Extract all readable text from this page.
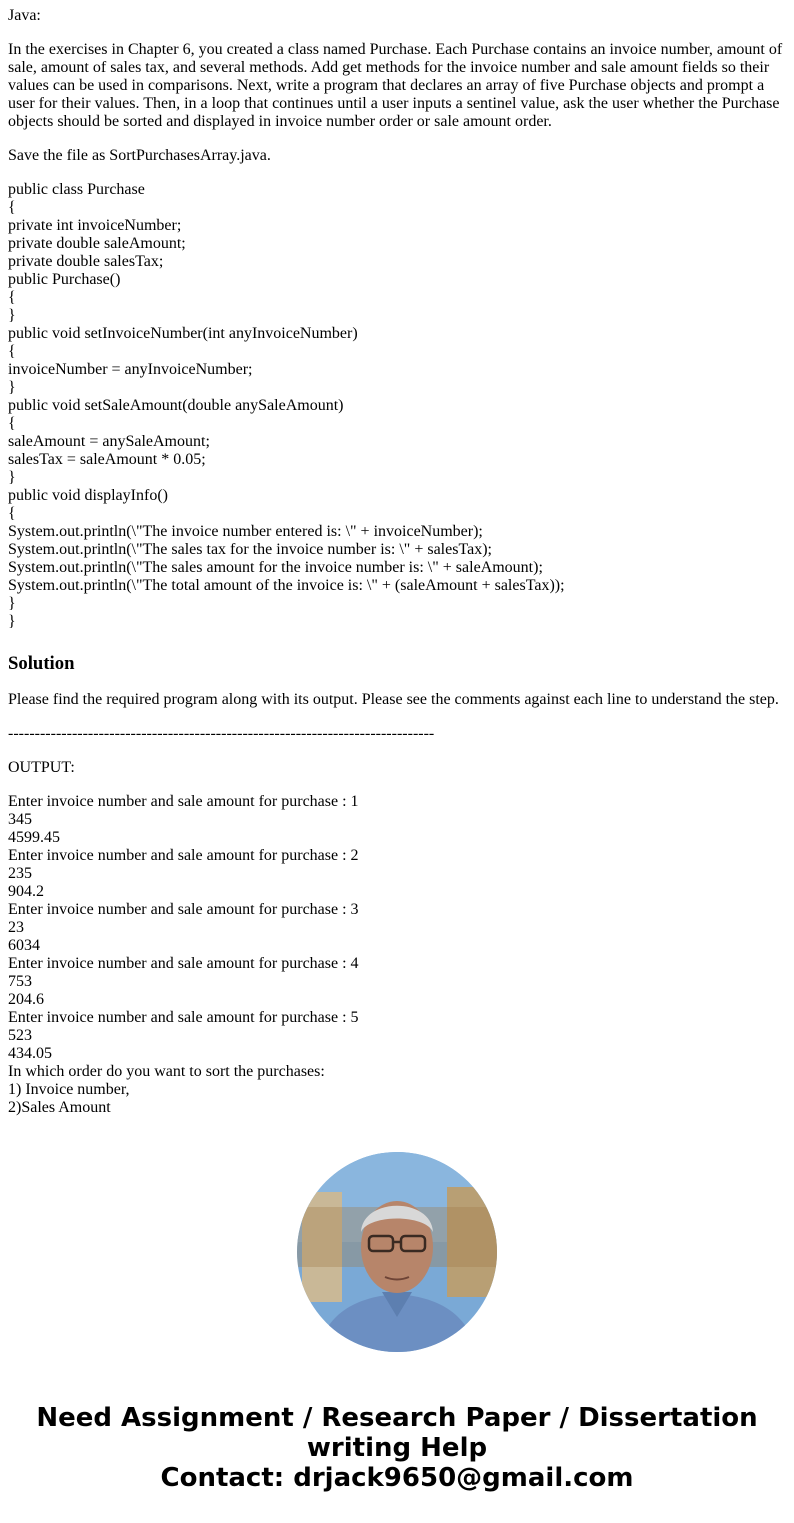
Java:

In the exercises in Chapter 6, you created a class named Purchase. Each Purchase contains an invoice number, amount of sale, amount of sales tax, and several methods. Add get methods for the invoice number and sale amount fields so their values can be used in comparisons. Next, write a program that declares an array of five Purchase objects and prompt a user for their values. Then, in a loop that continues until a user inputs a sentinel value, ask the user whether the Purchase objects should be sorted and displayed in invoice number order or sale amount order.

Save the file as SortPurchasesArray.java.

public class Purchase

{

private int invoiceNumber;

private double saleAmount;

private double salesTax;

public Purchase()

{

}

public void setInvoiceNumber(int anyInvoiceNumber)

{

invoiceNumber = anyInvoiceNumber;

}

public void setSaleAmount(double anySaleAmount)

{

saleAmount = anySaleAmount;

salesTax = saleAmount * 0.05;

}

public void displayInfo()

{

System.out.println(\"The invoice number entered is: \" + invoiceNumber);

System.out.println(\"The sales tax for the invoice number is: \" + salesTax);

System.out.println(\"The sales amount for the invoice number is: \" + saleAmount);

System.out.println(\"The total amount of the invoice is: \" + (saleAmount + salesTax));

}

}

Solution

Please find the required program along with its output. Please see the comments against each line to understand the step.

--------------------------------------------------------------------------------

OUTPUT:

Enter invoice number and sale amount for purchase : 1

345

4599.45

Enter invoice number and sale amount for purchase : 2

235

904.2

Enter invoice number and sale amount for purchase : 3

23

6034

Enter invoice number and sale amount for purchase : 4

753

204.6

Enter invoice number and sale amount for purchase : 5

523

434.05

In which order do you want to sort the purchases:

1) Invoice number,

2)Sales Amount

Need Assignment / Research Paper / Dissertation
writing Help
Contact: drjack9650@gmail.com
